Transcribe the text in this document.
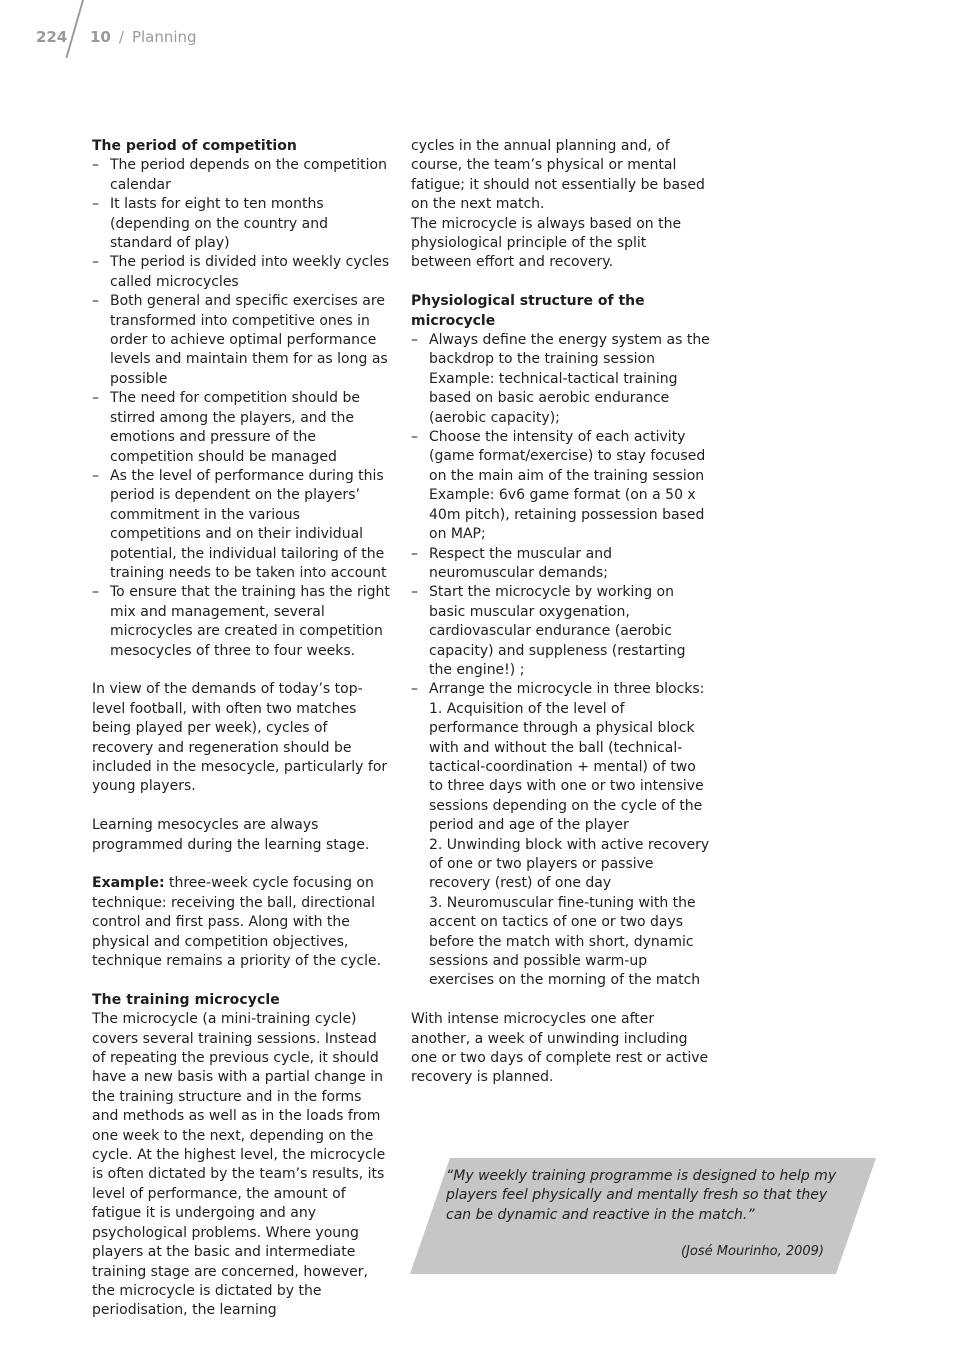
224 10 / Planning

The period of competition

– The period depends on the competition calendar
– It lasts for eight to ten months (depending on the country and standard of play)
– The period is divided into weekly cycles called microcycles
– Both general and specific exercises are transformed into competitive ones in order to achieve optimal performance levels and maintain them for as long as possible
– The need for competition should be stirred among the players, and the emotions and pressure of the competition should be managed
– As the level of performance during this period is dependent on the players’ commitment in the various competitions and on their individual potential, the individual tailoring of the training needs to be taken into account
– To ensure that the training has the right mix and management, several microcycles are created in competition mesocycles of three to four weeks.

In view of the demands of today’s top-level football, with often two matches being played per week), cycles of recovery and regeneration should be included in the mesocycle, particularly for young players.

Learning mesocycles are always programmed during the learning stage.

Example: three-week cycle focusing on technique: receiving the ball, directional control and first pass. Along with the physical and competition objectives, technique remains a priority of the cycle.

The training microcycle

The microcycle (a mini-training cycle) covers several training sessions. Instead of repeating the previous cycle, it should have a new basis with a partial change in the training structure and in the forms and methods as well as in the loads from one week to the next, depending on the cycle. At the highest level, the microcycle is often dictated by the team’s results, its level of performance, the amount of fatigue it is undergoing and any psychological problems. Where young players at the basic and intermediate training stage are concerned, however, the microcycle is dictated by the periodisation, the learning

cycles in the annual planning and, of course, the team’s physical or mental fatigue; it should not essentially be based on the next match.

The microcycle is always based on the physiological principle of the split between effort and recovery.

Physiological structure of the microcycle

– Always define the energy system as the backdrop to the training session
Example: technical-tactical training based on basic aerobic endurance (aerobic capacity);
– Choose the intensity of each activity (game format/exercise) to stay focused on the main aim of the training session
Example: 6v6 game format (on a 50 x 40m pitch), retaining possession based on MAP;
– Respect the muscular and neuromuscular demands;
– Start the microcycle by working on basic muscular oxygenation, cardiovascular endurance (aerobic capacity) and suppleness (restarting the engine!) ;
– Arrange the microcycle in three blocks:
1. Acquisition of the level of performance through a physical block with and without the ball (technical-tactical-coordination + mental) of two to three days with one or two intensive sessions depending on the cycle of the period and age of the player
2. Unwinding block with active recovery of one or two players or passive recovery (rest) of one day
3. Neuromuscular fine-tuning with the accent on tactics of one or two days before the match with short, dynamic sessions and possible warm-up exercises on the morning of the match

With intense microcycles one after another, a week of unwinding including one or two days of complete rest or active recovery is planned.

“My weekly training programme is designed to help my players feel physically and mentally fresh so that they can be dynamic and reactive in the match.”
(José Mourinho, 2009)
